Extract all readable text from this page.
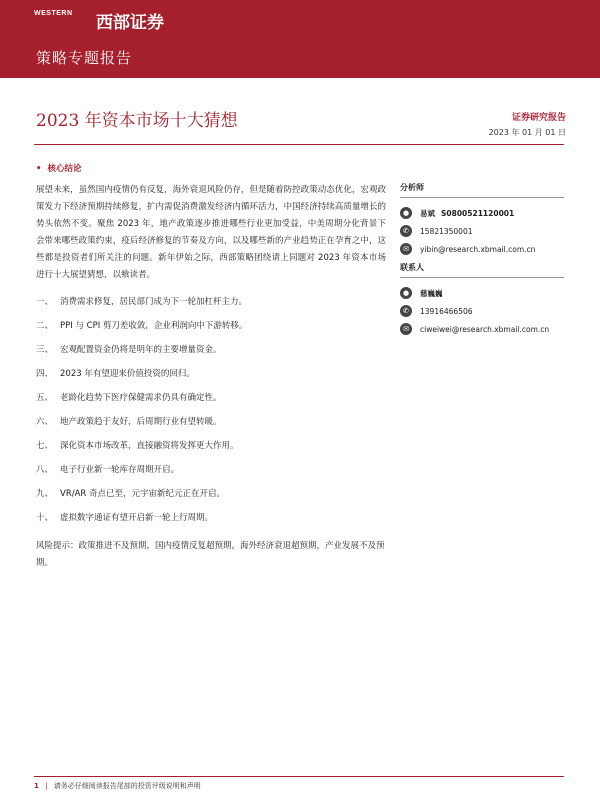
WESTERN 西部证券
策略专题报告
2023 年资本市场十大猜想	证券研究报告
2023 年 01 月 01 日
• 核心结论

展望未来，虽然国内疫情仍有反复，海外衰退风险仍存，但是随着防控政策动态优化，宏观政策发力下经济预期持续修复，扩内需促消费激发经济内循环活力，中国经济持续高质量增长的势头依然不变。聚焦 2023 年，地产政策逐步推进哪些行业更加受益，中美周期分化背景下会带来哪些政策约束，疫后经济修复的节奏及方向，以及哪些新的产业趋势正在孕育之中，这些都是投资者们所关注的问题。新年伊始之际，西部策略团绕请上同题对 2023 年资本市场进行十大展望猜想，以飨读者。

一、 消费需求修复，居民部门成为下一轮加杠杆主力。
二、 PPI 与 CPI 剪刀差收敛，企业利润向中下游转移。
三、 宏观配置资金仍将是明年的主要增量资金。
四、 2023 年有望迎来价值投资的回归。
五、 老龄化趋势下医疗保健需求仍具有确定性。
六、 地产政策趋于友好，后周期行业有望转暖。
七、 深化资本市场改革，直接融资将发挥更大作用。
八、 电子行业新一轮库存周期开启。
九、 VR/AR 奇点已至，元宇宙新纪元正在开启。
十、 虚拟数字通证有望开启新一轮上行周期。
风险提示：政策推进不及预期，国内疫情反复超预期，海外经济衰退超预期，产业发展不及预期。
分析师
●	易斌 S0800521120001
✆	15821350001
✉	yibin@research.xbmail.com.cn
联系人
●	慈巍巍
✆	13916466506
✉	ciweiwei@research.xbmail.com.cn
1 | 请务必仔细阅读报告尾部的投资评级说明和声明
